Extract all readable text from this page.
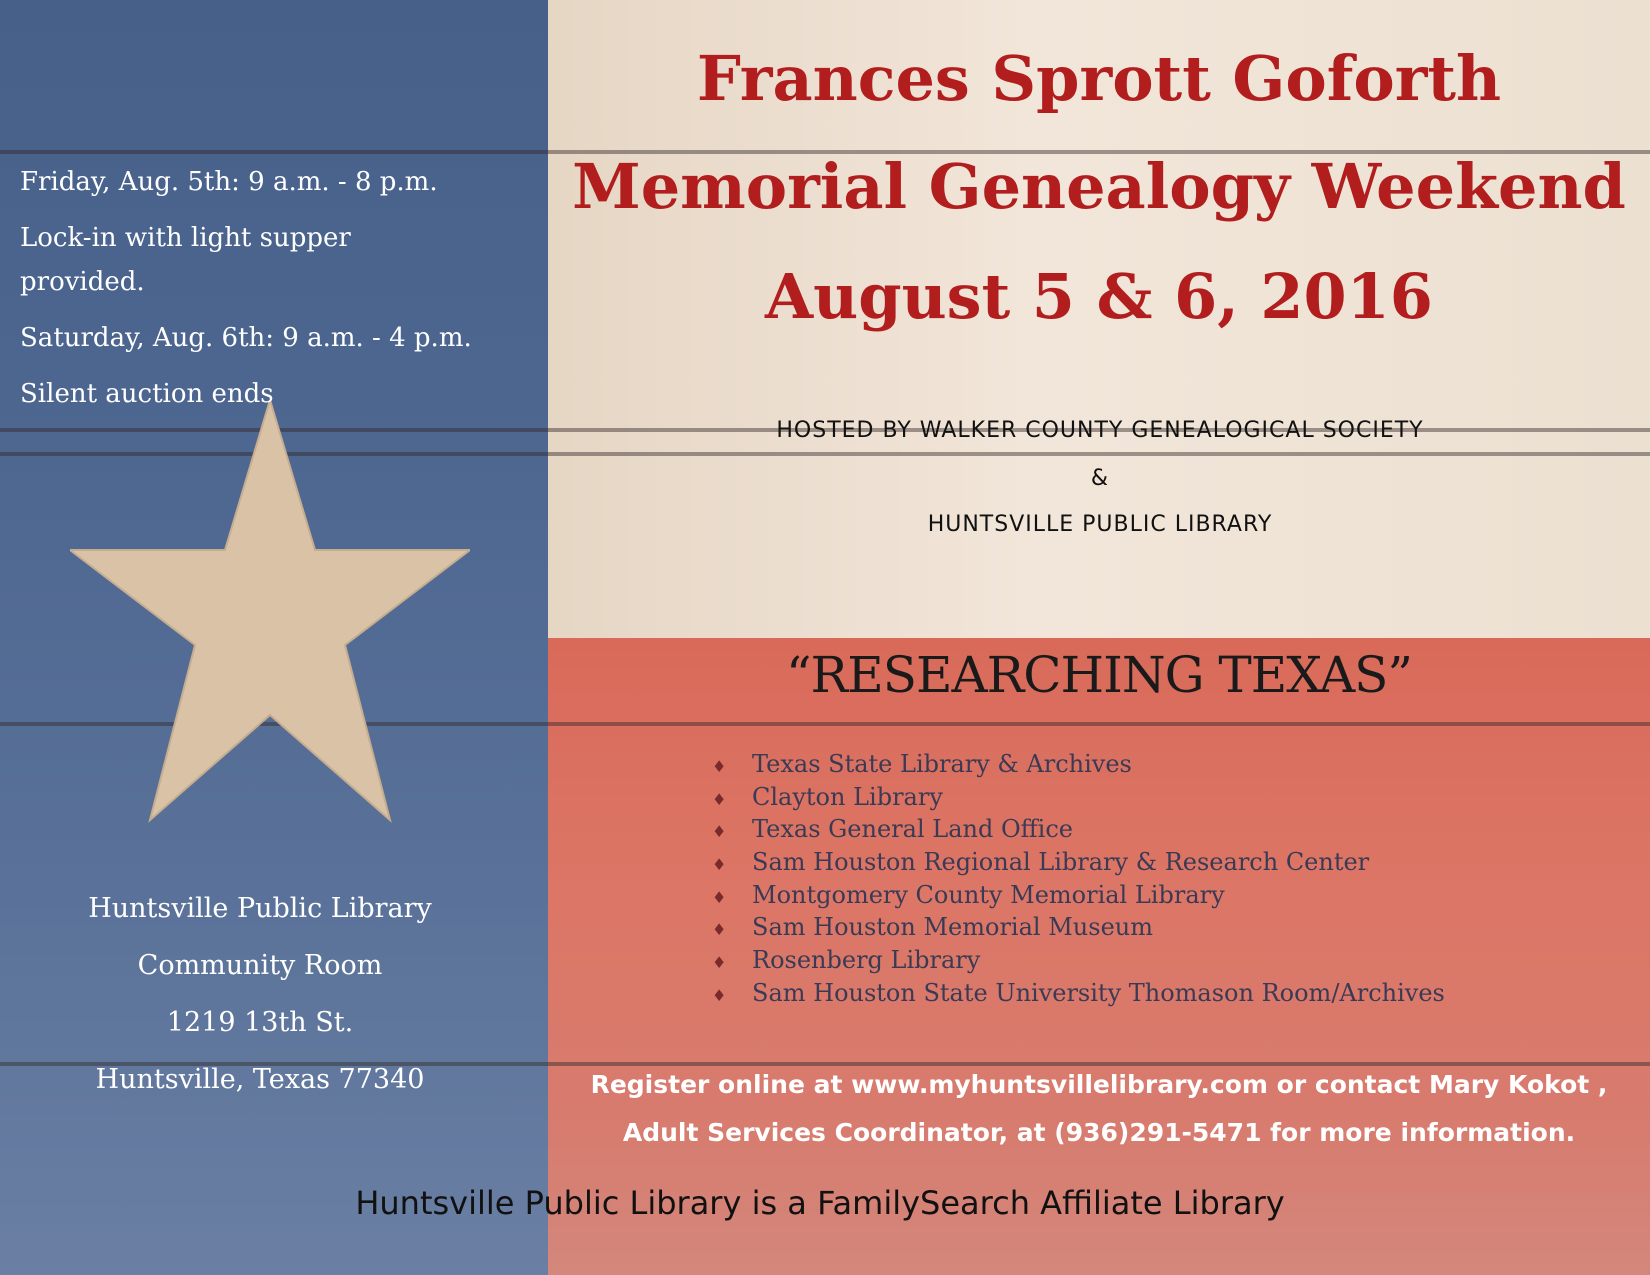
Friday, Aug. 5th: 9 a.m. - 8 p.m.

Lock-in with light supper

provided.

Saturday, Aug. 6th: 9 a.m. - 4 p.m.

Silent auction ends

Huntsville Public Library
Community Room
1219 13th St.
Huntsville, Texas 77340
Frances Sprott Goforth
Memorial Genealogy Weekend
August 5 & 6, 2016
HOSTED BY WALKER COUNTY GENEALOGICAL SOCIETY
&
HUNTSVILLE PUBLIC LIBRARY
“RESEARCHING TEXAS”
♦ Texas State Library & Archives
♦ Clayton Library
♦ Texas General Land Office
♦ Sam Houston Regional Library & Research Center
♦ Montgomery County Memorial Library
♦ Sam Houston Memorial Museum
♦ Rosenberg Library
♦ Sam Houston State University Thomason Room/Archives
Register online at www.myhuntsvillelibrary.com or contact Mary Kokot ,
Adult Services Coordinator, at (936)291-5471 for more information.
Huntsville Public Library is a FamilySearch Affiliate Library
